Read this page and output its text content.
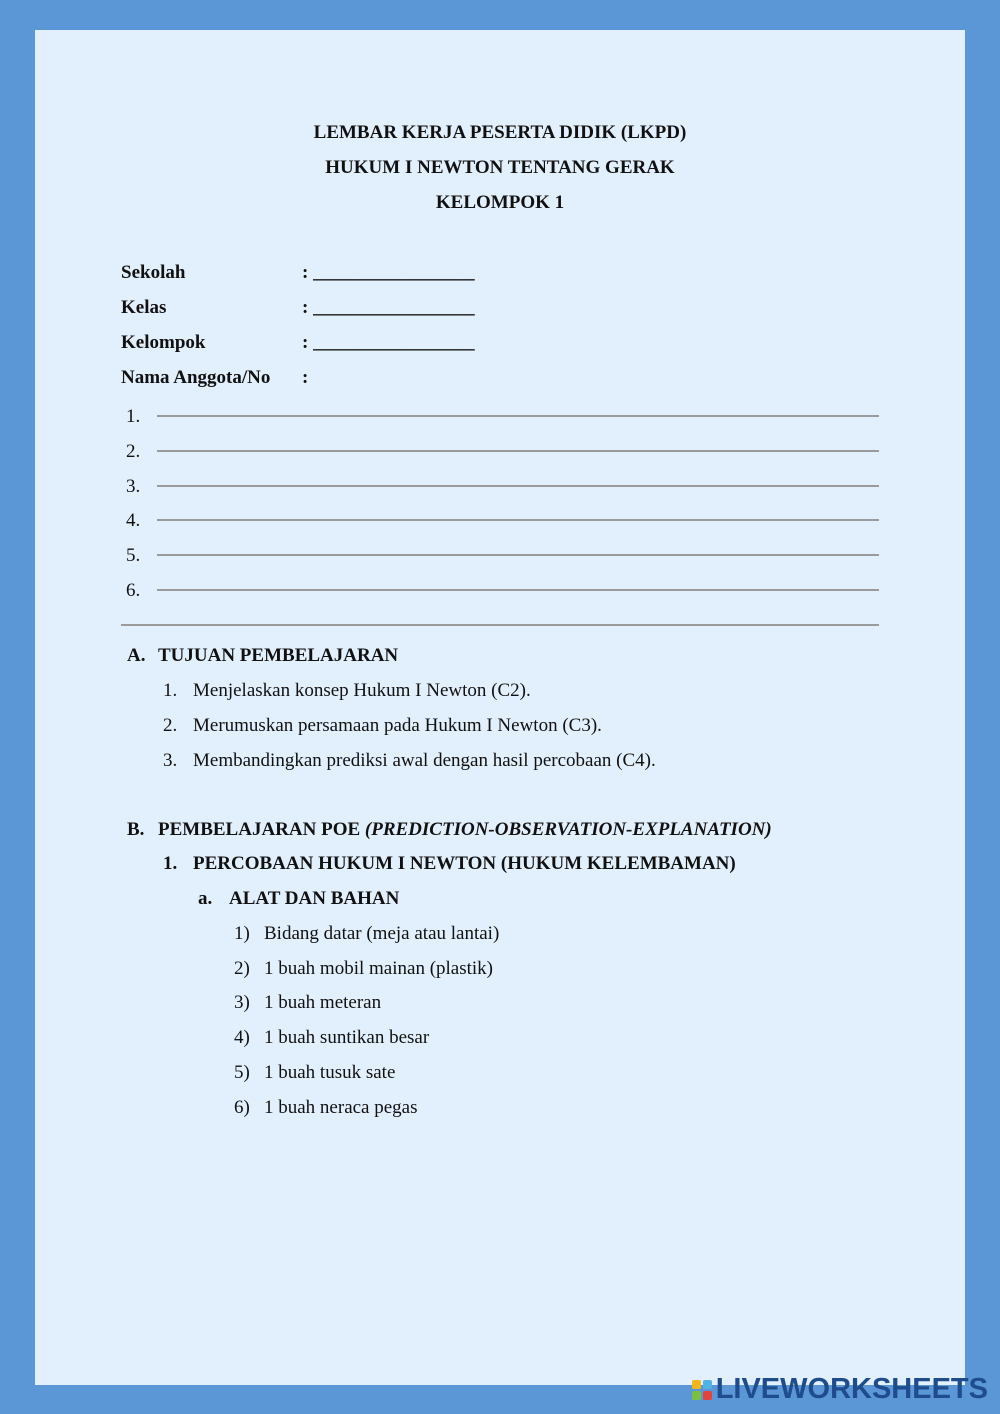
LEMBAR KERJA PESERTA DIDIK (LKPD)
HUKUM I NEWTON TENTANG GERAK
KELOMPOK 1
Sekolah	: _________________
Kelas	: _________________
Kelompok	: _________________
Nama Anggota/No :
1.
2.
3.
4.
5.
6.
A. TUJUAN PEMBELAJARAN
1. Menjelaskan konsep Hukum I Newton (C2).
2. Merumuskan persamaan pada Hukum I Newton (C3).
3. Membandingkan prediksi awal dengan hasil percobaan (C4).
B. PEMBELAJARAN POE (PREDICTION-OBSERVATION-EXPLANATION)
1. PERCOBAAN HUKUM I NEWTON (HUKUM KELEMBAMAN)
a. ALAT DAN BAHAN
1) Bidang datar (meja atau lantai)
2) 1 buah mobil mainan (plastik)
3) 1 buah meteran
4) 1 buah suntikan besar
5) 1 buah tusuk sate
6) 1 buah neraca pegas
LIVEWORKSHEETS
